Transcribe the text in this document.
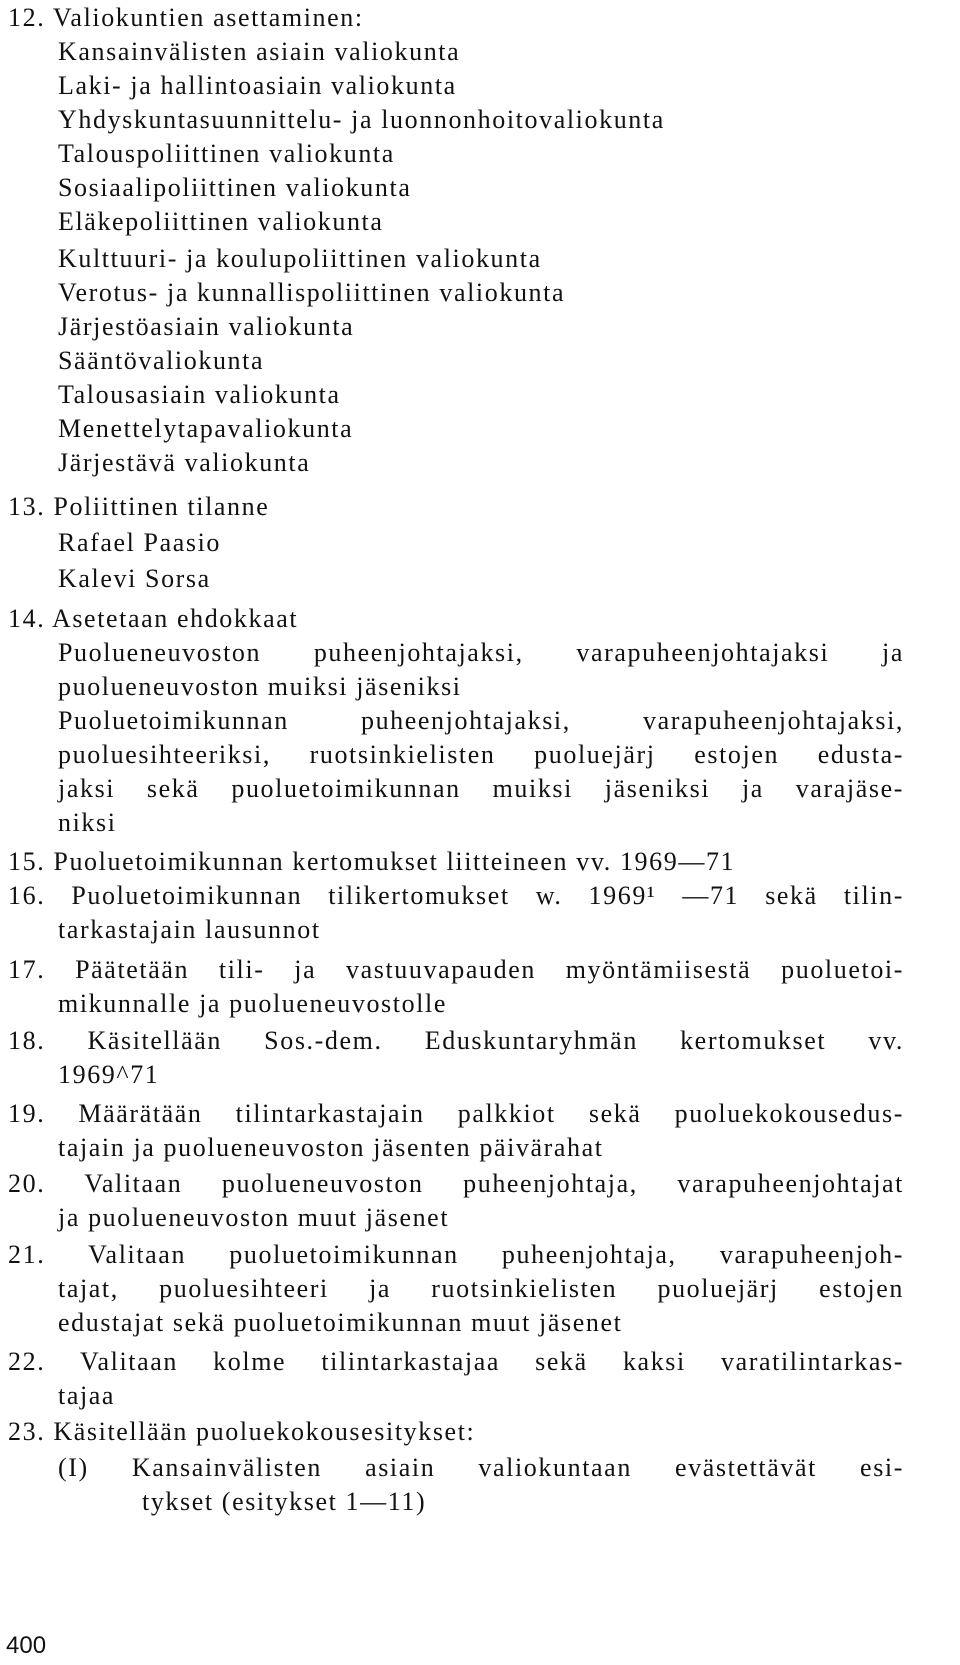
12. Valiokuntien asettaminen:
Kansainvälisten asiain valiokunta
Laki- ja hallintoasiain valiokunta
Yhdyskuntasuunnittelu- ja luonnonhoitovaliokunta
Talouspoliittinen valiokunta
Sosiaalipoliittinen valiokunta
Eläkepoliittinen valiokunta
Kulttuuri- ja koulupoliittinen valiokunta
Verotus- ja kunnallispoliittinen valiokunta
Järjestöasiain valiokunta
Sääntövaliokunta
Talousasiain valiokunta
Menettelytapavaliokunta
Järjestävä valiokunta
13. Poliittinen tilanne
Rafael Paasio
Kalevi Sorsa
14. Asetetaan ehdokkaat
Puolueneuvoston puheenjohtajaksi, varapuheenjohtajaksi ja
puolueneuvoston muiksi jäseniksi
Puoluetoimikunnan puheenjohtajaksi, varapuheenjohtajaksi,
puoluesihteeriksi, ruotsinkielisten puoluejärj estojen edusta-
jaksi sekä puoluetoimikunnan muiksi jäseniksi ja varajäse-
niksi
15. Puoluetoimikunnan kertomukset liitteineen vv. 1969—71
16. Puoluetoimikunnan tilikertomukset w. 1969¹ —71 sekä tilin-
tarkastajain lausunnot
17. Päätetään tili- ja vastuuvapauden myöntämiisestä puoluetoi-
mikunnalle ja puolueneuvostolle
18. Käsitellään Sos.-dem. Eduskuntaryhmän kertomukset vv.
1969^71
19. Määrätään tilintarkastajain palkkiot sekä puoluekokousedus-
tajain ja puolueneuvoston jäsenten päivärahat
20. Valitaan puolueneuvoston puheenjohtaja, varapuheenjohtajat
ja puolueneuvoston muut jäsenet
21. Valitaan puoluetoimikunnan puheenjohtaja, varapuheenjoh-
tajat, puoluesihteeri ja ruotsinkielisten puoluejärj estojen
edustajat sekä puoluetoimikunnan muut jäsenet
22. Valitaan kolme tilintarkastajaa sekä kaksi varatilintarkas-
tajaa
23. Käsitellään puoluekokousesitykset:
(I) Kansainvälisten asiain valiokuntaan evästettävät esi-
tykset (esitykset 1—11)
400
